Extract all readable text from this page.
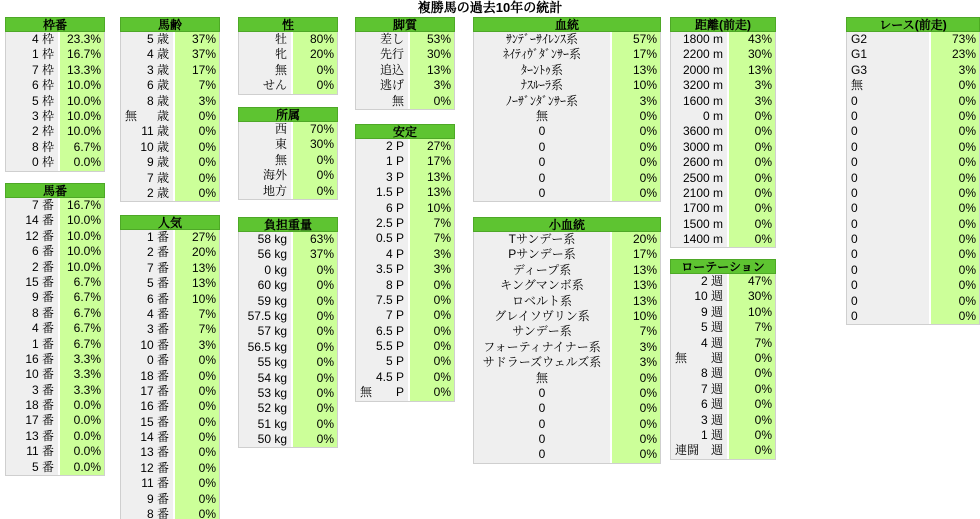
複勝馬の過去10年の統計
枠番
4 枠	23.3%
1 枠	16.7%
7 枠	13.3%
6 枠	10.0%
5 枠	10.0%
3 枠	10.0%
2 枠	10.0%
8 枠	6.7%
0 枠	0.0%
馬番
7 番	16.7%
14 番	10.0%
12 番	10.0%
6 番	10.0%
2 番	10.0%
15 番	6.7%
9 番	6.7%
8 番	6.7%
4 番	6.7%
1 番	6.7%
16 番	3.3%
10 番	3.3%
3 番	3.3%
18 番	0.0%
17 番	0.0%
13 番	0.0%
11 番	0.0%
5 番	0.0%
馬齢
5 歳	37%
4 歳	37%
3 歳	17%
6 歳	7%
8 歳	3%
無 歳	0%
11 歳	0%
10 歳	0%
9 歳	0%
7 歳	0%
2 歳	0%
人気
1 番	27%
2 番	20%
7 番	13%
5 番	13%
6 番	10%
4 番	7%
3 番	7%
10 番	3%
0 番	0%
18 番	0%
17 番	0%
16 番	0%
15 番	0%
14 番	0%
13 番	0%
12 番	0%
11 番	0%
9 番	0%
8 番	0%
性
牡	80%
牝	20%
無	0%
せん	0%
所属
西	70%
東	30%
無	0%
海外	0%
地方	0%
負担重量
58 kg	63%
56 kg	37%
0 kg	0%
60 kg	0%
59 kg	0%
57.5 kg	0%
57 kg	0%
56.5 kg	0%
55 kg	0%
54 kg	0%
53 kg	0%
52 kg	0%
51 kg	0%
50 kg	0%
脚質
差し	53%
先行	30%
追込	13%
逃げ	3%
無	0%
安定
2 P	27%
1 P	17%
3 P	13%
1.5 P	13%
6 P	10%
2.5 P	7%
0.5 P	7%
4 P	3%
3.5 P	3%
8 P	0%
7.5 P	0%
7 P	0%
6.5 P	0%
5.5 P	0%
5 P	0%
4.5 P	0%
無 P	0%
血統
ｻﾝﾃﾞｰｻｲﾚﾝｽ系	57%
ﾈｲﾃｨｳﾞﾀﾞﾝｻｰ系	17%
ﾀｰﾝﾄｩ系	13%
ﾅｽﾙｰﾗ系	10%
ﾉｰｻﾞﾝﾀﾞﾝｻｰ系	3%
無	0%
0	0%
0	0%
0	0%
0	0%
0	0%
小血統
Tサンデー系	20%
Pサンデー系	17%
ディープ系	13%
キングマンボ系	13%
ロベルト系	13%
グレイソヴリン系	10%
サンデー系	7%
フォーティナイナー系	3%
サドラーズウェルズ系	3%
無	0%
0	0%
0	0%
0	0%
0	0%
0	0%
距離(前走)
1800 m	43%
2200 m	30%
2000 m	13%
3200 m	3%
1600 m	3%
0 m	0%
3600 m	0%
3000 m	0%
2600 m	0%
2500 m	0%
2100 m	0%
1700 m	0%
1500 m	0%
1400 m	0%
ローテーション
2 週	47%
10 週	30%
9 週	10%
5 週	7%
4 週	7%
無 週	0%
8 週	0%
7 週	0%
6 週	0%
3 週	0%
1 週	0%
連闘 週	0%
レース(前走)
G2	73%
G1	23%
G3	3%
無	0%
0	0%
0	0%
0	0%
0	0%
0	0%
0	0%
0	0%
0	0%
0	0%
0	0%
0	0%
0	0%
0	0%
0	0%
0	0%
